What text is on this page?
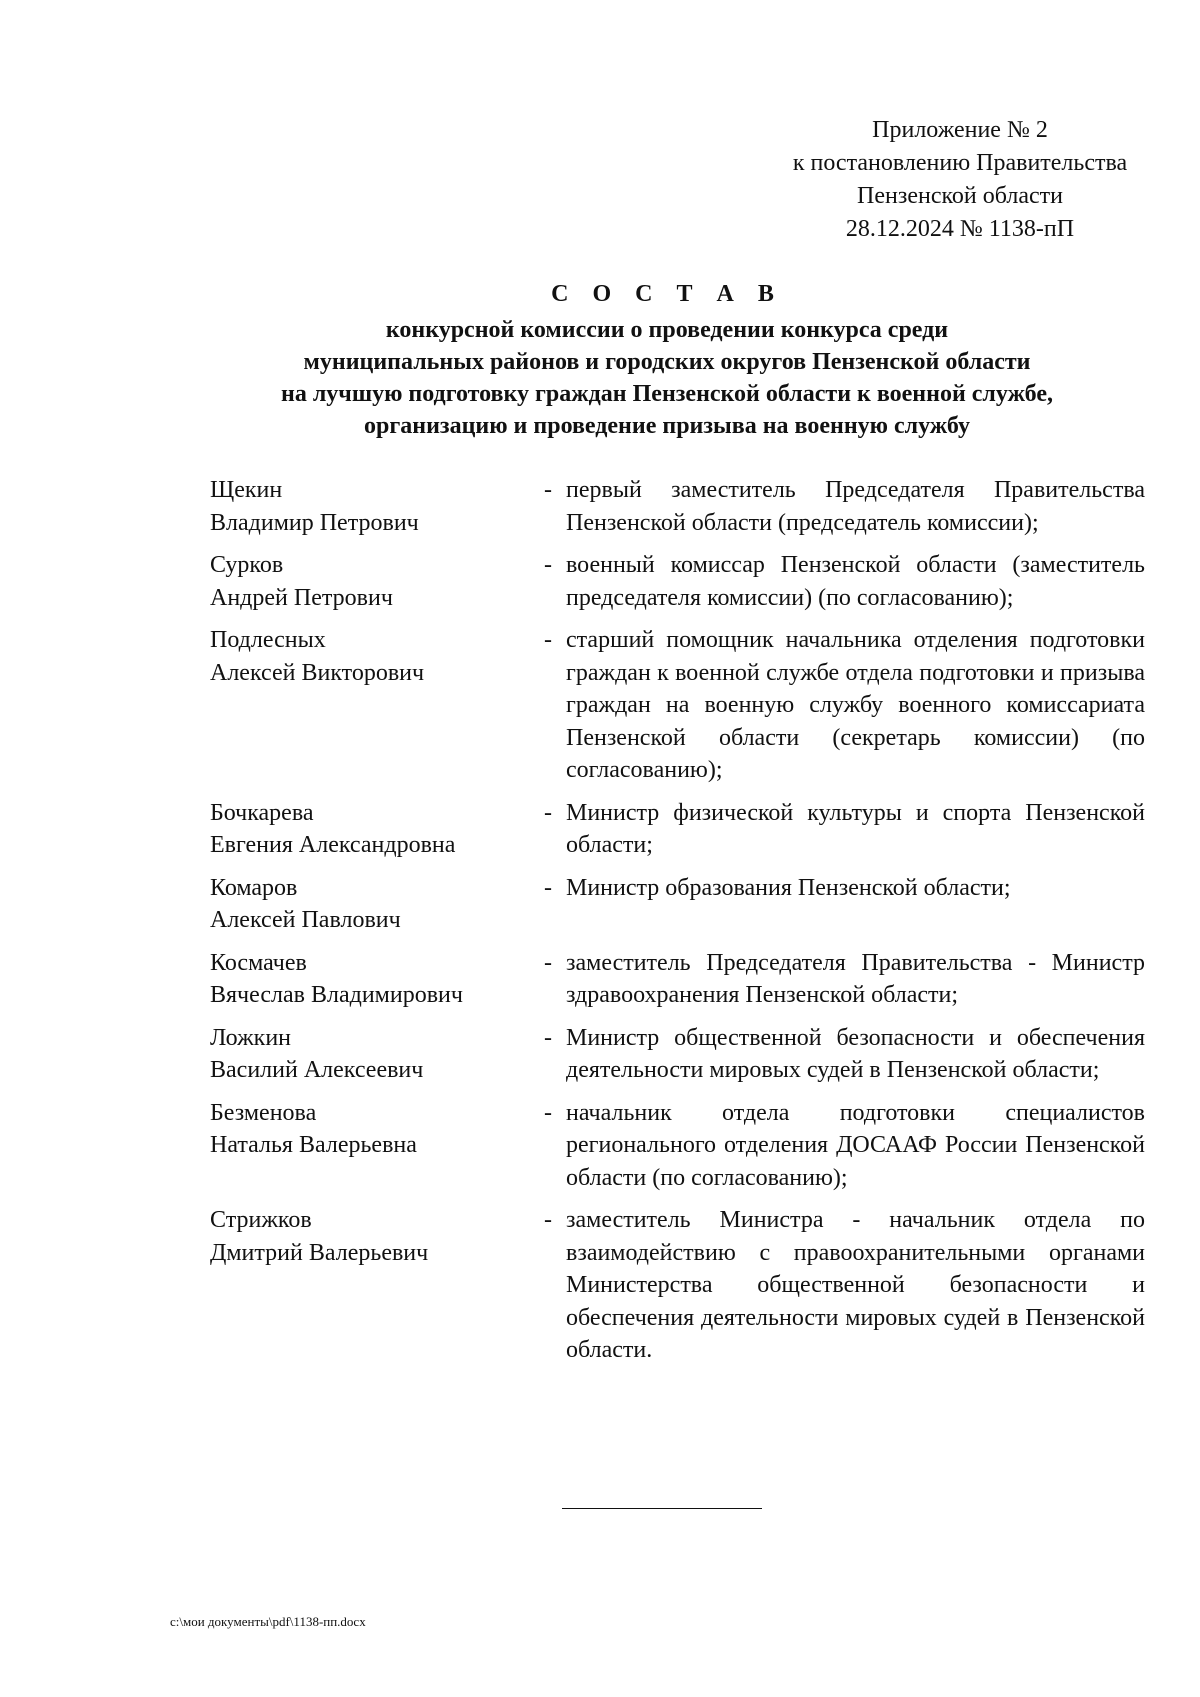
Приложение № 2
к постановлению Правительства
Пензенской области
28.12.2024 № 1138-пП
С О С Т А В
конкурсной комиссии о проведении конкурса среди
муниципальных районов и городских округов Пензенской области
на лучшую подготовку граждан Пензенской области к военной службе,
организацию и проведение призыва на военную службу
Щекин
Владимир Петрович
- первый заместитель Председателя Правительства Пензенской области (председатель комиссии);
Сурков
Андрей Петрович
- военный комиссар Пензенской области (заместитель председателя комиссии) (по согласованию);
Подлесных
Алексей Викторович
- старший помощник начальника отделения подготовки граждан к военной службе отдела подготовки и призыва граждан на военную службу военного комиссариата Пензенской области (секретарь комиссии) (по согласованию);
Бочкарева
Евгения Александровна
- Министр физической культуры и спорта Пензенской области;
Комаров
Алексей Павлович
- Министр образования Пензенской области;
Космачев
Вячеслав Владимирович
- заместитель Председателя Правительства - Министр здравоохранения Пензенской области;
Ложкин
Василий Алексеевич
- Министр общественной безопасности и обеспечения деятельности мировых судей в Пензенской области;
Безменова
Наталья Валерьевна
- начальник отдела подготовки специалистов регионального отделения ДОСААФ России Пензенской области (по согласованию);
Стрижков
Дмитрий Валерьевич
- заместитель Министра - начальник отдела по взаимодействию с правоохранительными органами Министерства общественной безопасности и обеспечения деятельности мировых судей в Пензенской области.
c:\мои документы\pdf\1138-пп.docx
